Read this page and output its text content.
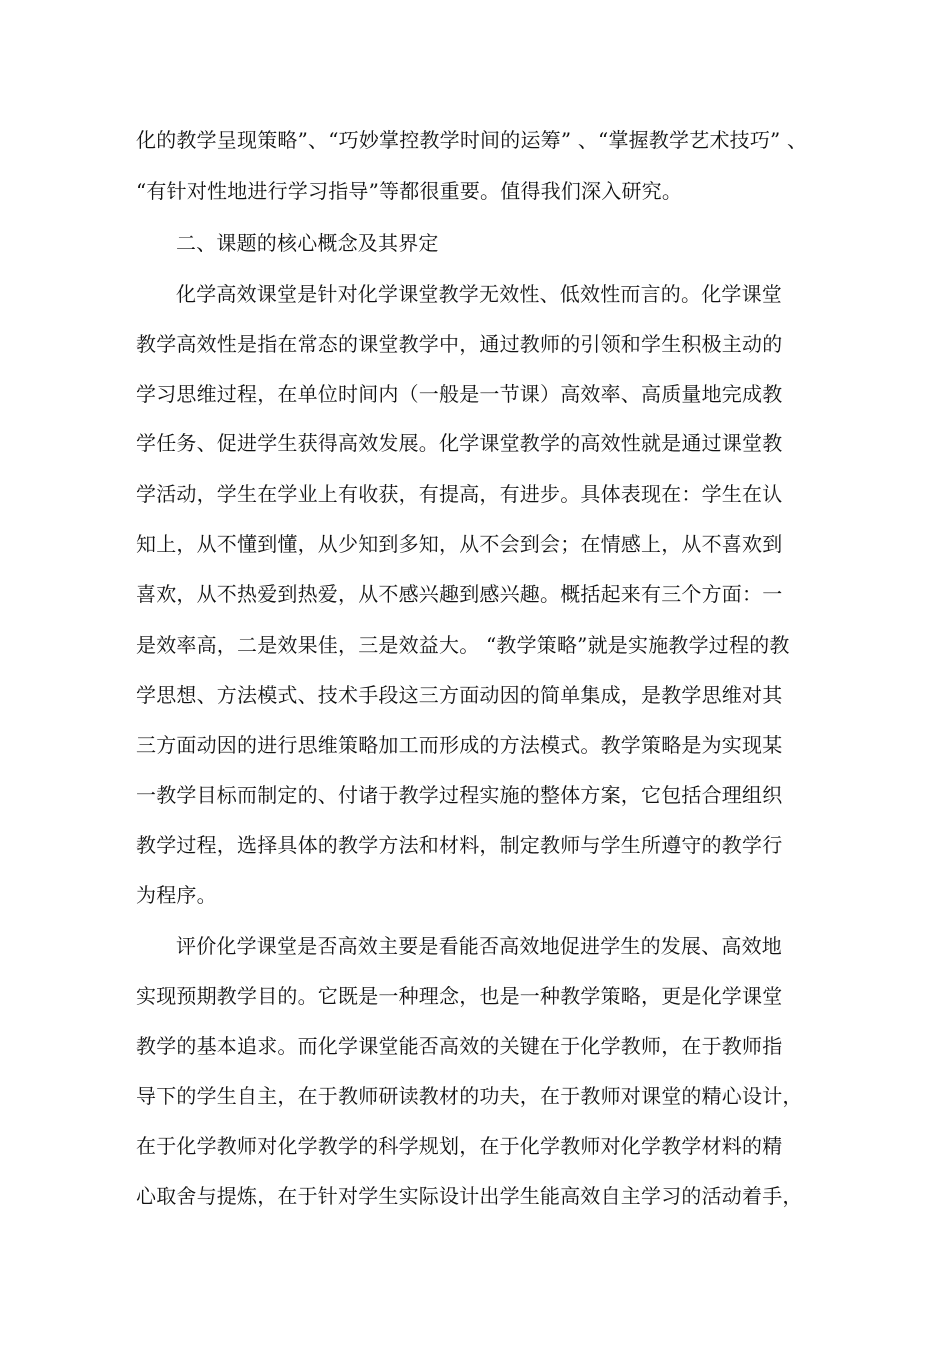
化的教学呈现策略”、“巧妙掌控教学时间的运筹” 、“掌握教学艺术技巧” 、

“有针对性地进行学习指导”等都很重要。值得我们深入研究。

二、课题的核心概念及其界定

化学高效课堂是针对化学课堂教学无效性、低效性而言的。化学课堂

教学高效性是指在常态的课堂教学中，通过教师的引领和学生积极主动的

学习思维过程，在单位时间内（一般是一节课）高效率、高质量地完成教

学任务、促进学生获得高效发展。化学课堂教学的高效性就是通过课堂教

学活动，学生在学业上有收获，有提高，有进步。具体表现在：学生在认

知上，从不懂到懂，从少知到多知，从不会到会；在情感上，从不喜欢到

喜欢，从不热爱到热爱，从不感兴趣到感兴趣。概括起来有三个方面：一

是效率高，二是效果佳，三是效益大。 “教学策略”就是实施教学过程的教

学思想、方法模式、技术手段这三方面动因的简单集成，是教学思维对其

三方面动因的进行思维策略加工而形成的方法模式。教学策略是为实现某

一教学目标而制定的、付诸于教学过程实施的整体方案，它包括合理组织

教学过程，选择具体的教学方法和材料，制定教师与学生所遵守的教学行

为程序。

评价化学课堂是否高效主要是看能否高效地促进学生的发展、高效地

实现预期教学目的。它既是一种理念，也是一种教学策略，更是化学课堂

教学的基本追求。而化学课堂能否高效的关键在于化学教师，在于教师指

导下的学生自主，在于教师研读教材的功夫，在于教师对课堂的精心设计，

在于化学教师对化学教学的科学规划，在于化学教师对化学教学材料的精

心取舍与提炼，在于针对学生实际设计出学生能高效自主学习的活动着手，
